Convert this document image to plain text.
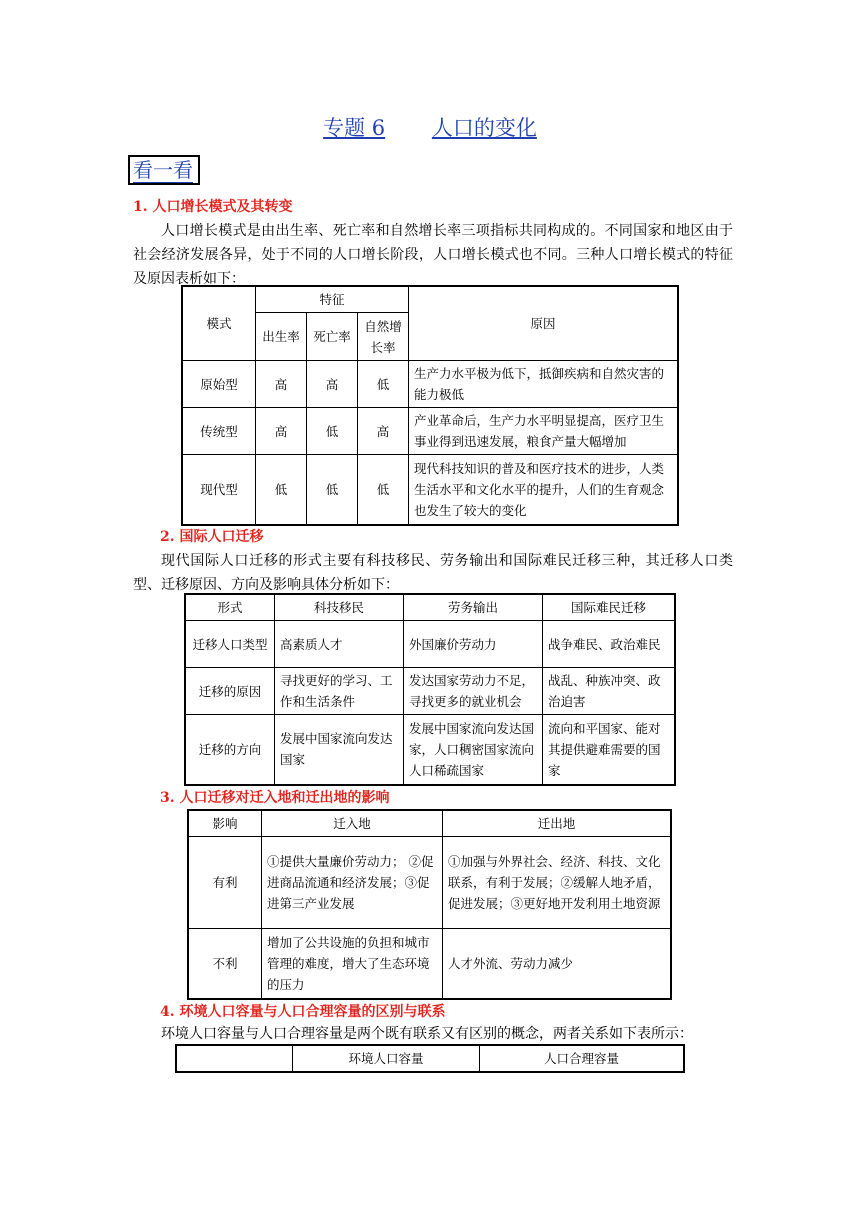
专题 6 人口的变化
看一看
1. 人口增长模式及其转变
人口增长模式是由出生率、死亡率和自然增长率三项指标共同构成的。不同国家和地区由于社会经济发展各异，处于不同的人口增长阶段，人口增长模式也不同。三种人口增长模式的特征及原因表析如下：
模式	特征			原因
	出生率	死亡率	自然增长率	
原始型	高	高	低	生产力水平极为低下，抵御疾病和自然灾害的能力极低
传统型	高	低	高	产业革命后，生产力水平明显提高，医疗卫生事业得到迅速发展，粮食产量大幅增加
现代型	低	低	低	现代科技知识的普及和医疗技术的进步，人类生活水平和文化水平的提升，人们的生育观念也发生了较大的变化
2. 国际人口迁移
现代国际人口迁移的形式主要有科技移民、劳务输出和国际难民迁移三种，其迁移人口类型、迁移原因、方向及影响具体分析如下：
形式	科技移民	劳务输出	国际难民迁移
迁移人口类型	高素质人才	外国廉价劳动力	战争难民、政治难民
迁移的原因	寻找更好的学习、工作和生活条件	发达国家劳动力不足，寻找更多的就业机会	战乱、种族冲突、政治迫害
迁移的方向	发展中国家流向发达国家	发展中国家流向发达国家，人口稠密国家流向人口稀疏国家	流向和平国家、能对其提供避难需要的国家
3. 人口迁移对迁入地和迁出地的影响
影响	迁入地	迁出地
有利	①提供大量廉价劳动力； ②促进商品流通和经济发展；③促进第三产业发展	①加强与外界社会、经济、科技、文化联系，有利于发展；②缓解人地矛盾，促进发展；③更好地开发利用土地资源
不利	增加了公共设施的负担和城市管理的难度，增大了生态环境的压力	人才外流、劳动力减少
4. 环境人口容量与人口合理容量的区别与联系
环境人口容量与人口合理容量是两个既有联系又有区别的概念，两者关系如下表所示：
	环境人口容量	人口合理容量
